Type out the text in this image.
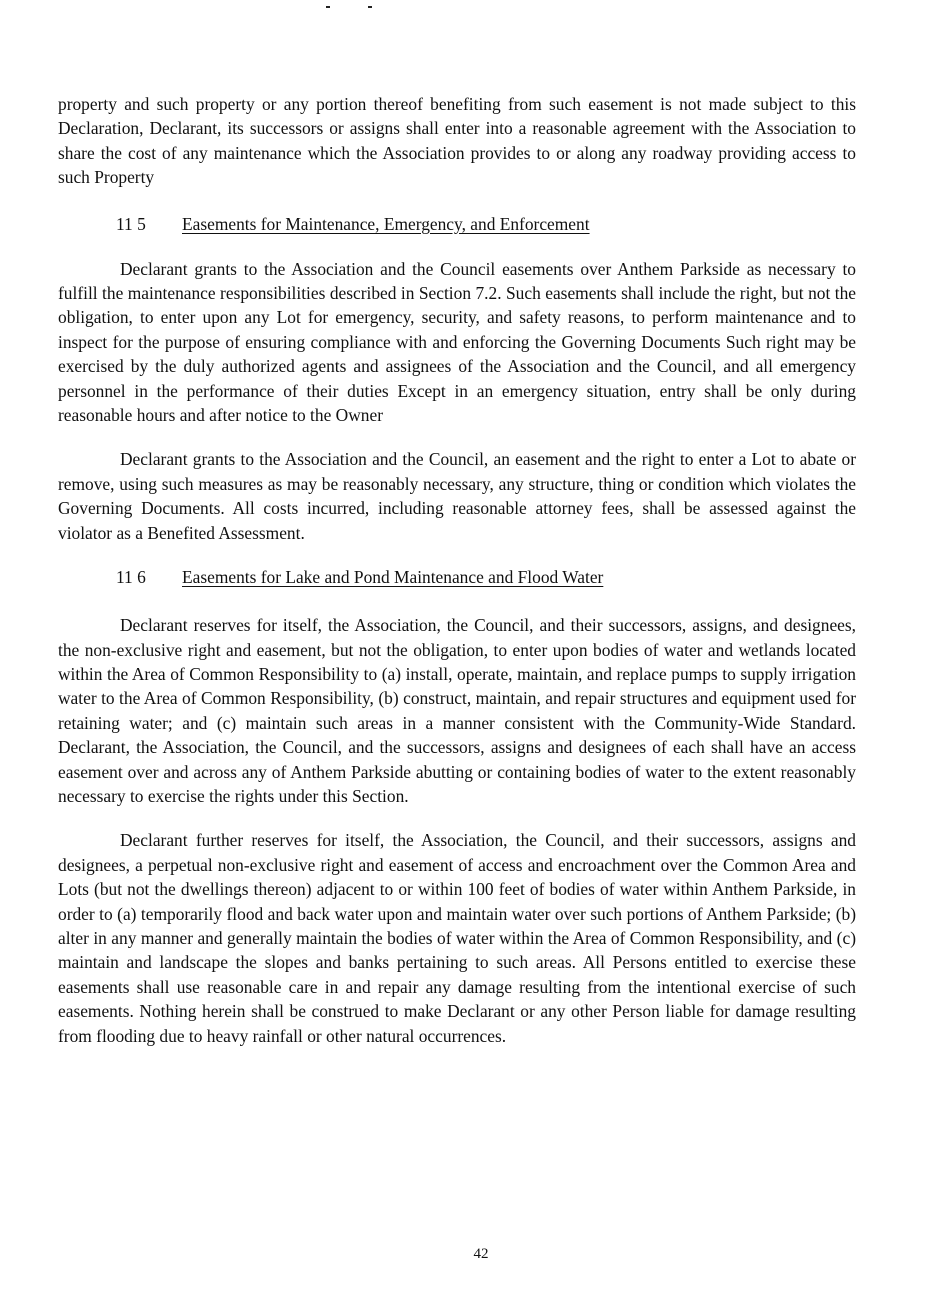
property and such property or any portion thereof benefiting from such easement is not made subject to this Declaration, Declarant, its successors or assigns shall enter into a reasonable agreement with the Association to share the cost of any maintenance which the Association provides to or along any roadway providing access to such Property

11 5 Easements for Maintenance, Emergency, and Enforcement

Declarant grants to the Association and the Council easements over Anthem Parkside as necessary to fulfill the maintenance responsibilities described in Section 7.2. Such easements shall include the right, but not the obligation, to enter upon any Lot for emergency, security, and safety reasons, to perform maintenance and to inspect for the purpose of ensuring compliance with and enforcing the Governing Documents Such right may be exercised by the duly authorized agents and assignees of the Association and the Council, and all emergency personnel in the performance of their duties Except in an emergency situation, entry shall be only during reasonable hours and after notice to the Owner

Declarant grants to the Association and the Council, an easement and the right to enter a Lot to abate or remove, using such measures as may be reasonably necessary, any structure, thing or condition which violates the Governing Documents. All costs incurred, including reasonable attorney fees, shall be assessed against the violator as a Benefited Assessment.

11 6 Easements for Lake and Pond Maintenance and Flood Water

Declarant reserves for itself, the Association, the Council, and their successors, assigns, and designees, the non-exclusive right and easement, but not the obligation, to enter upon bodies of water and wetlands located within the Area of Common Responsibility to (a) install, operate, maintain, and replace pumps to supply irrigation water to the Area of Common Responsibility, (b) construct, maintain, and repair structures and equipment used for retaining water; and (c) maintain such areas in a manner consistent with the Community-Wide Standard. Declarant, the Association, the Council, and the successors, assigns and designees of each shall have an access easement over and across any of Anthem Parkside abutting or containing bodies of water to the extent reasonably necessary to exercise the rights under this Section.

Declarant further reserves for itself, the Association, the Council, and their successors, assigns and designees, a perpetual non-exclusive right and easement of access and encroachment over the Common Area and Lots (but not the dwellings thereon) adjacent to or within 100 feet of bodies of water within Anthem Parkside, in order to (a) temporarily flood and back water upon and maintain water over such portions of Anthem Parkside; (b) alter in any manner and generally maintain the bodies of water within the Area of Common Responsibility, and (c) maintain and landscape the slopes and banks pertaining to such areas. All Persons entitled to exercise these easements shall use reasonable care in and repair any damage resulting from the intentional exercise of such easements. Nothing herein shall be construed to make Declarant or any other Person liable for damage resulting from flooding due to heavy rainfall or other natural occurrences.

42
